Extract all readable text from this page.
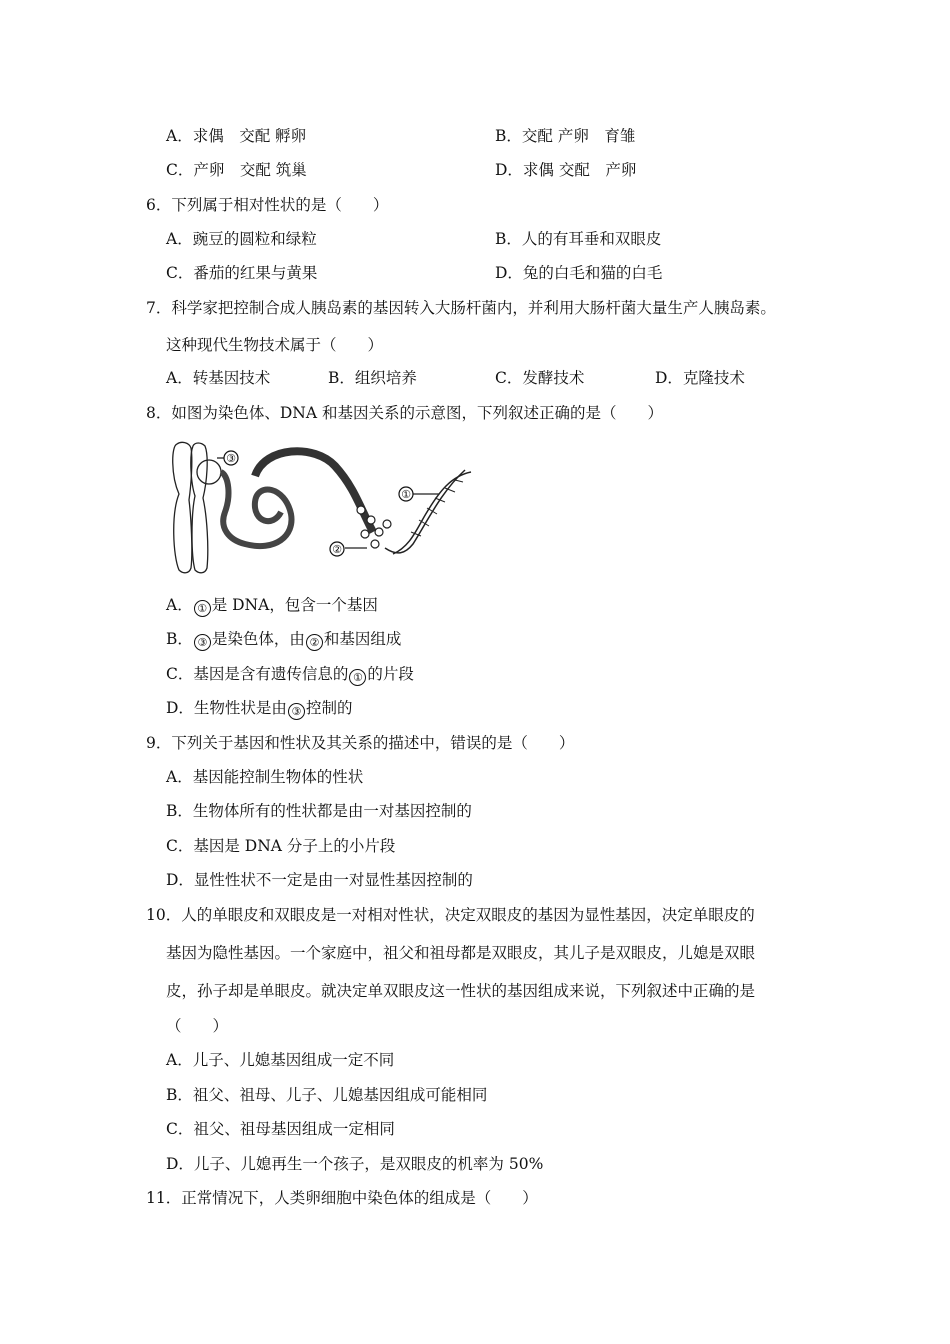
A．求偶　交配 孵卵	B．交配 产卵　育雏
C．产卵　交配 筑巢	D．求偶 交配　产卵
6．下列属于相对性状的是（　　）
A．豌豆的圆粒和绿粒	B．人的有耳垂和双眼皮
C．番茄的红果与黄果	D．兔的白毛和猫的白毛
7．科学家把控制合成人胰岛素的基因转入大肠杆菌内，并利用大肠杆菌大量生产人胰岛素。
这种现代生物技术属于（　　）
A．转基因技术	B．组织培养	C．发酵技术	D．克隆技术
8．如图为染色体、DNA 和基因关系的示意图，下列叙述正确的是（　　）
③
①
②
A． ① 是 DNA，包含一个基因
B． ③ 是染色体，由 ② 和基因组成
C．基因是含有遗传信息的 ① 的片段
D．生物性状是由 ③ 控制的
9．下列关于基因和性状及其关系的描述中，错误的是（　　）
A．基因能控制生物体的性状
B．生物体所有的性状都是由一对基因控制的
C．基因是 DNA 分子上的小片段
D．显性性状不一定是由一对显性基因控制的
10．人的单眼皮和双眼皮是一对相对性状，决定双眼皮的基因为显性基因，决定单眼皮的
基因为隐性基因。一个家庭中，祖父和祖母都是双眼皮，其儿子是双眼皮，儿媳是双眼
皮，孙子却是单眼皮。就决定单双眼皮这一性状的基因组成来说，下列叙述中正确的是
（　　）
A．儿子、儿媳基因组成一定不同
B．祖父、祖母、儿子、儿媳基因组成可能相同
C．祖父、祖母基因组成一定相同
D．儿子、儿媳再生一个孩子，是双眼皮的机率为 50%
11．正常情况下，人类卵细胞中染色体的组成是（　　）
